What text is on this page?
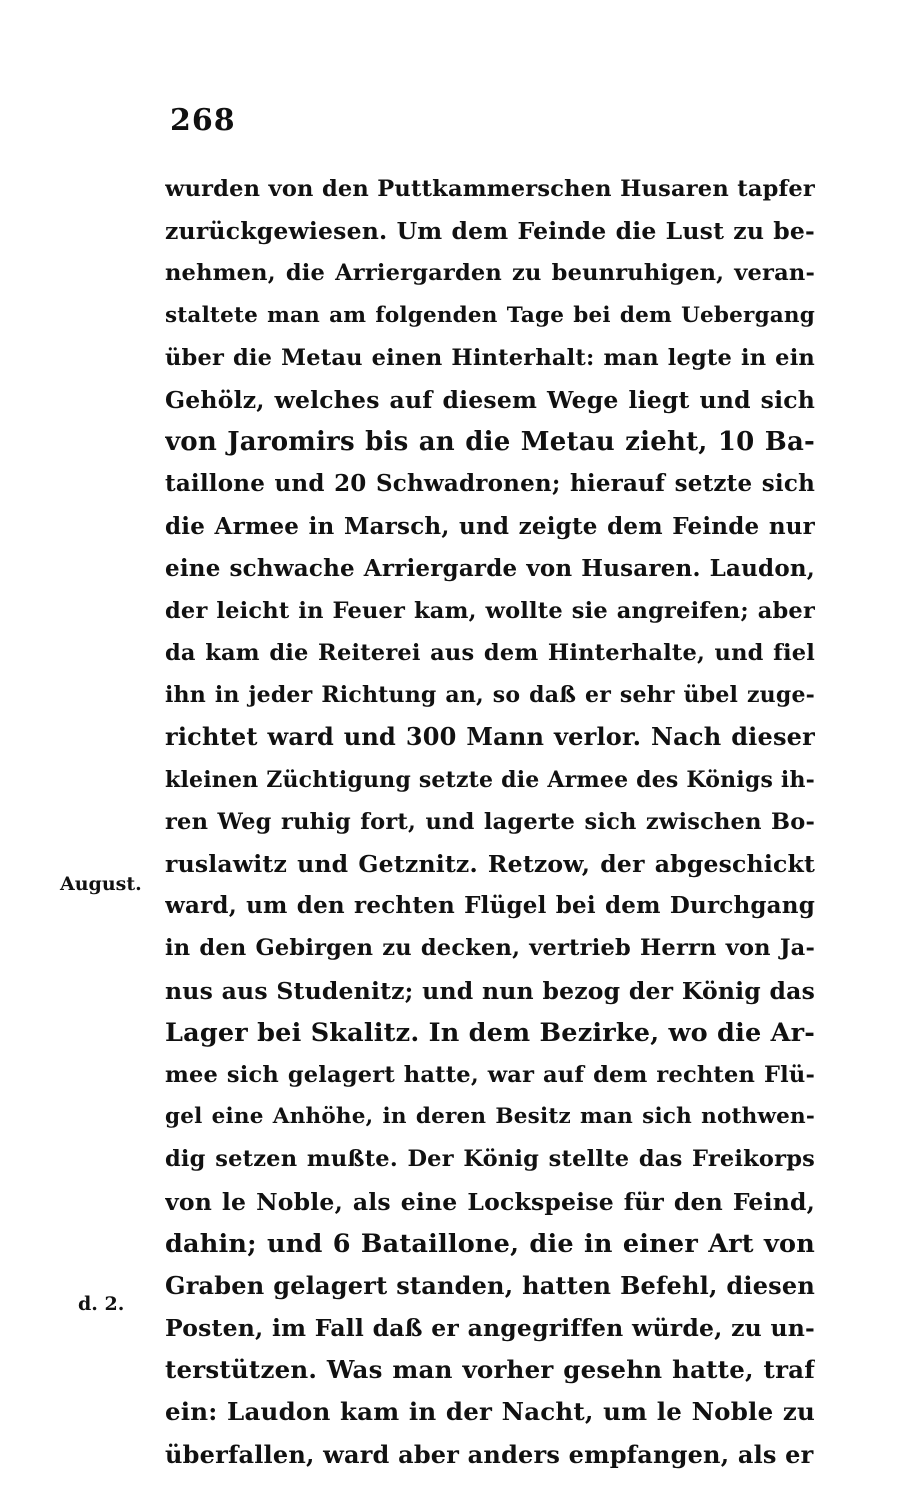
268
wurden von den Puttkammerschen Husaren tapfer
zurückgewiesen. Um dem Feinde die Lust zu be-
nehmen, die Arriergarden zu beunruhigen, veran-
staltete man am folgenden Tage bei dem Uebergang
über die Metau einen Hinterhalt: man legte in ein
Gehölz, welches auf diesem Wege liegt und sich
von Jaromirs bis an die Metau zieht, 10 Ba-
taillone und 20 Schwadronen; hierauf setzte sich
die Armee in Marsch, und zeigte dem Feinde nur
eine schwache Arriergarde von Husaren. Laudon,
der leicht in Feuer kam, wollte sie angreifen; aber
da kam die Reiterei aus dem Hinterhalte, und fiel
ihn in jeder Richtung an, so daß er sehr übel zuge-
richtet ward und 300 Mann verlor. Nach dieser
kleinen Züchtigung setzte die Armee des Königs ih-
ren Weg ruhig fort, und lagerte sich zwischen Bo-
ruslawitz und Getznitz. Retzow, der abgeschickt
ward, um den rechten Flügel bei dem Durchgang
in den Gebirgen zu decken, vertrieb Herrn von Ja-
nus aus Studenitz; und nun bezog der König das
Lager bei Skalitz. In dem Bezirke, wo die Ar-
mee sich gelagert hatte, war auf dem rechten Flü-
gel eine Anhöhe, in deren Besitz man sich nothwen-
dig setzen mußte. Der König stellte das Freikorps
von le Noble, als eine Lockspeise für den Feind,
dahin; und 6 Bataillone, die in einer Art von
Graben gelagert standen, hatten Befehl, diesen
Posten, im Fall daß er angegriffen würde, zu un-
terstützen. Was man vorher gesehn hatte, traf
ein: Laudon kam in der Nacht, um le Noble zu
überfallen, ward aber anders empfangen, als er
August.
d. 2.
